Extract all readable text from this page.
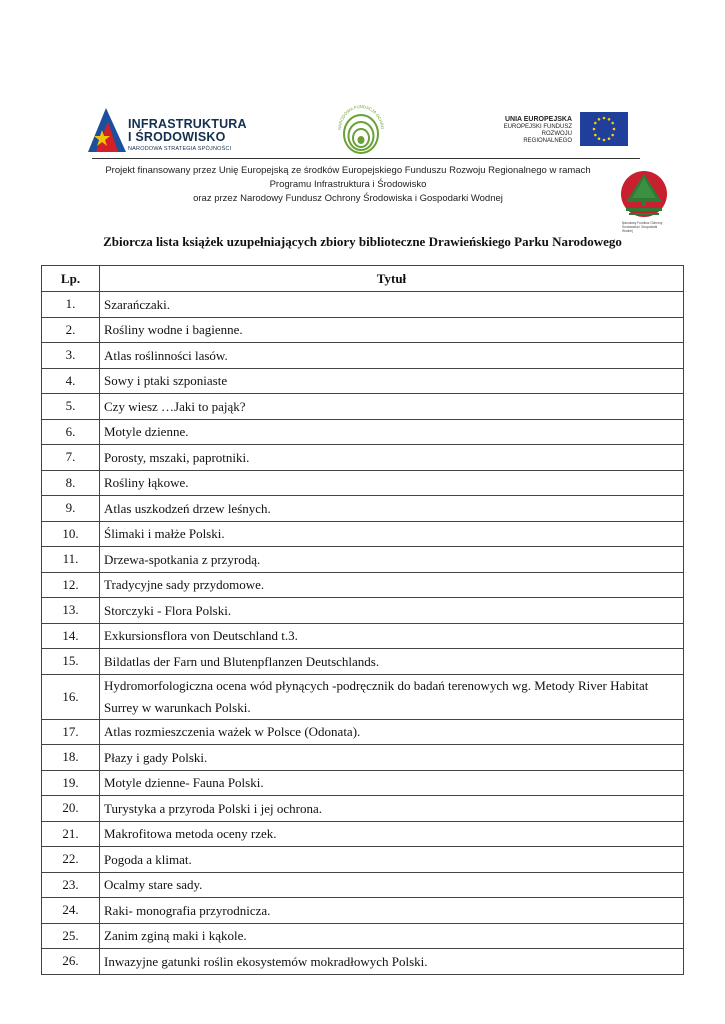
INFRASTRUKTURA
I ŚRODOWISKO
NARODOWA STRATEGIA SPÓJNOŚCI
NARODOWA FUNDACJA OCHRO
UNIA EUROPEJSKA
EUROPEJSKI FUNDUSZ
ROZWOJU REGIONALNEGO
Projekt finansowany przez Unię Europejską ze środków Europejskiego Funduszu Rozwoju Regionalnego w ramach
Programu Infrastruktura i Środowisko
oraz przez Narodowy Fundusz Ochrony Środowiska i Gospodarki Wodnej
Narodowy Fundusz Ochrony Środowiska i Gospodarki Wodnej
Zbiorcza lista książek uzupełniających zbiory biblioteczne Drawieńskiego Parku Narodowego
Lp.	Tytuł
1.	Szarańczaki.
2.	Rośliny wodne i bagienne.
3.	Atlas roślinności lasów.
4.	Sowy i ptaki szponiaste
5.	Czy wiesz …Jaki to pająk?
6.	Motyle dzienne.
7.	Porosty, mszaki, paprotniki.
8.	Rośliny łąkowe.
9.	Atlas uszkodzeń drzew leśnych.
10.	Ślimaki i małże Polski.
11.	Drzewa-spotkania z przyrodą.
12.	Tradycyjne sady przydomowe.
13.	Storczyki - Flora Polski.
14.	Exkursionsflora von Deutschland t.3.
15.	Bildatlas der Farn und Blutenpflanzen Deutschlands.
16.	Hydromorfologiczna ocena wód płynących -podręcznik do badań terenowych wg. Metody River Habitat Surrey w warunkach Polski.
17.	Atlas rozmieszczenia ważek w Polsce (Odonata).
18.	Płazy i gady Polski.
19.	Motyle dzienne- Fauna Polski.
20.	Turystyka a przyroda Polski i jej ochrona.
21.	Makrofitowa metoda oceny rzek.
22.	Pogoda a klimat.
23.	Ocalmy stare sady.
24.	Raki- monografia przyrodnicza.
25.	Zanim zginą maki i kąkole.
26.	Inwazyjne gatunki roślin ekosystemów mokradłowych Polski.
